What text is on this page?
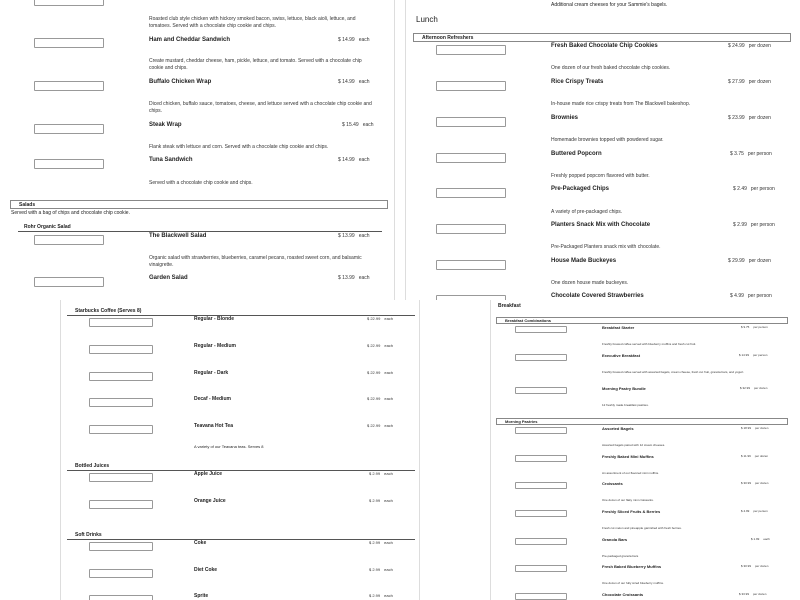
Roasted club style chicken with hickory smoked bacon, swiss, lettuce, black aioli, lettuce, and tomatoes. Served with a chocolate chip cookie and chips.
Ham and Cheddar Sandwich	$ 14.99 each
Create mustard, cheddar cheese, ham, pickle, lettuce, and tomato. Served with a chocolate chip cookie and chips.
Buffalo Chicken Wrap	$ 14.99 each
Diced chicken, buffalo sauce, tomatoes, cheese, and lettuce served with a chocolate chip cookie and chips.
Steak Wrap	$ 15.49 each
Flank steak with lettuce and corn. Served with a chocolate chip cookie and chips.
Tuna Sandwich	$ 14.99 each
Served with a chocolate chip cookie and chips.
Salads
Served with a bag of chips and chocolate chip cookie.
Rohr Organic Salad
The Blackwell Salad	$ 13.99 each
Organic salad with strawberries, blueberries, caramel pecans, roasted sweet corn, and balsamic vinaigrette.
Garden Salad	$ 13.99 each
Additional cream cheeses for your Sammie's bagels.
Lunch
Afternoon Refreshers
Fresh Baked Chocolate Chip Cookies	$ 24.99 per dozen
One dozen of our fresh baked chocolate chip cookies.
Rice Crispy Treats	$ 27.99 per dozen
In-house made rice crispy treats from The Blackwell bakeshop.
Brownies	$ 23.99 per dozen
Homemade brownies topped with powdered sugar.
Buttered Popcorn	$ 3.75 per person
Freshly popped popcorn flavored with butter.
Pre-Packaged Chips	$ 2.49 per person
A variety of pre-packaged chips.
Planters Snack Mix with Chocolate	$ 2.99 per person
Pre-Packaged Planters snack mix with chocolate.
House Made Buckeyes	$ 29.99 per dozen
One dozen house made buckeyes.
Chocolate Covered Strawberries	$ 4.99 per person
Starbucks Coffee (Serves 8)
Regular - Blonde	$ 22.99 each
Regular - Medium	$ 22.99 each
Regular - Dark	$ 22.99 each
Decaf - Medium	$ 22.99 each
Teavana Hot Tea	$ 22.99 each
A variety of our Teavana teas. Serves 8
Bottled Juices
Apple Juice	$ 2.99 each
Orange Juice	$ 2.99 each
Soft Drinks
Coke	$ 2.99 each
Diet Coke	$ 2.99 each
Sprite	$ 2.99 each
Breakfast
Breakfast Combinations
Breakfast Starter	$ 9.75 per person
Freshly brewed coffee served with blueberry muffins and fresh cut fruit.
Executive Breakfast	$ 14.99 per person
Freshly brewed coffee served with assorted bagels, cream cheese, fresh cut fruit, granola bars, and yogurt.
Morning Pastry Bundle	$ 32.99 per dozen
12 freshly made breakfast pastries.
Morning Pastries
Assorted Bagels	$ 18.99 per dozen
Assorted bagels paired with 12 cream cheeses.
Freshly Baked Mini Muffins	$ 11.99 per dozen
An assortment of our flavored mini muffins.
Croissants	$ 30.99 per dozen
One dozen of our flaky mini croissants.
Freshly Sliced Fruits & Berries	$ 4.99 per person
Fresh cut melon and pineapple garnished with fresh berries.
Granola Bars	$ 1.99 each
Pre-packaged granola bars
Fresh Baked Blueberry Muffins	$ 30.99 per dozen
One dozen of our fully sized blueberry muffins.
Chocolate Croissants	$ 33.99 per dozen
